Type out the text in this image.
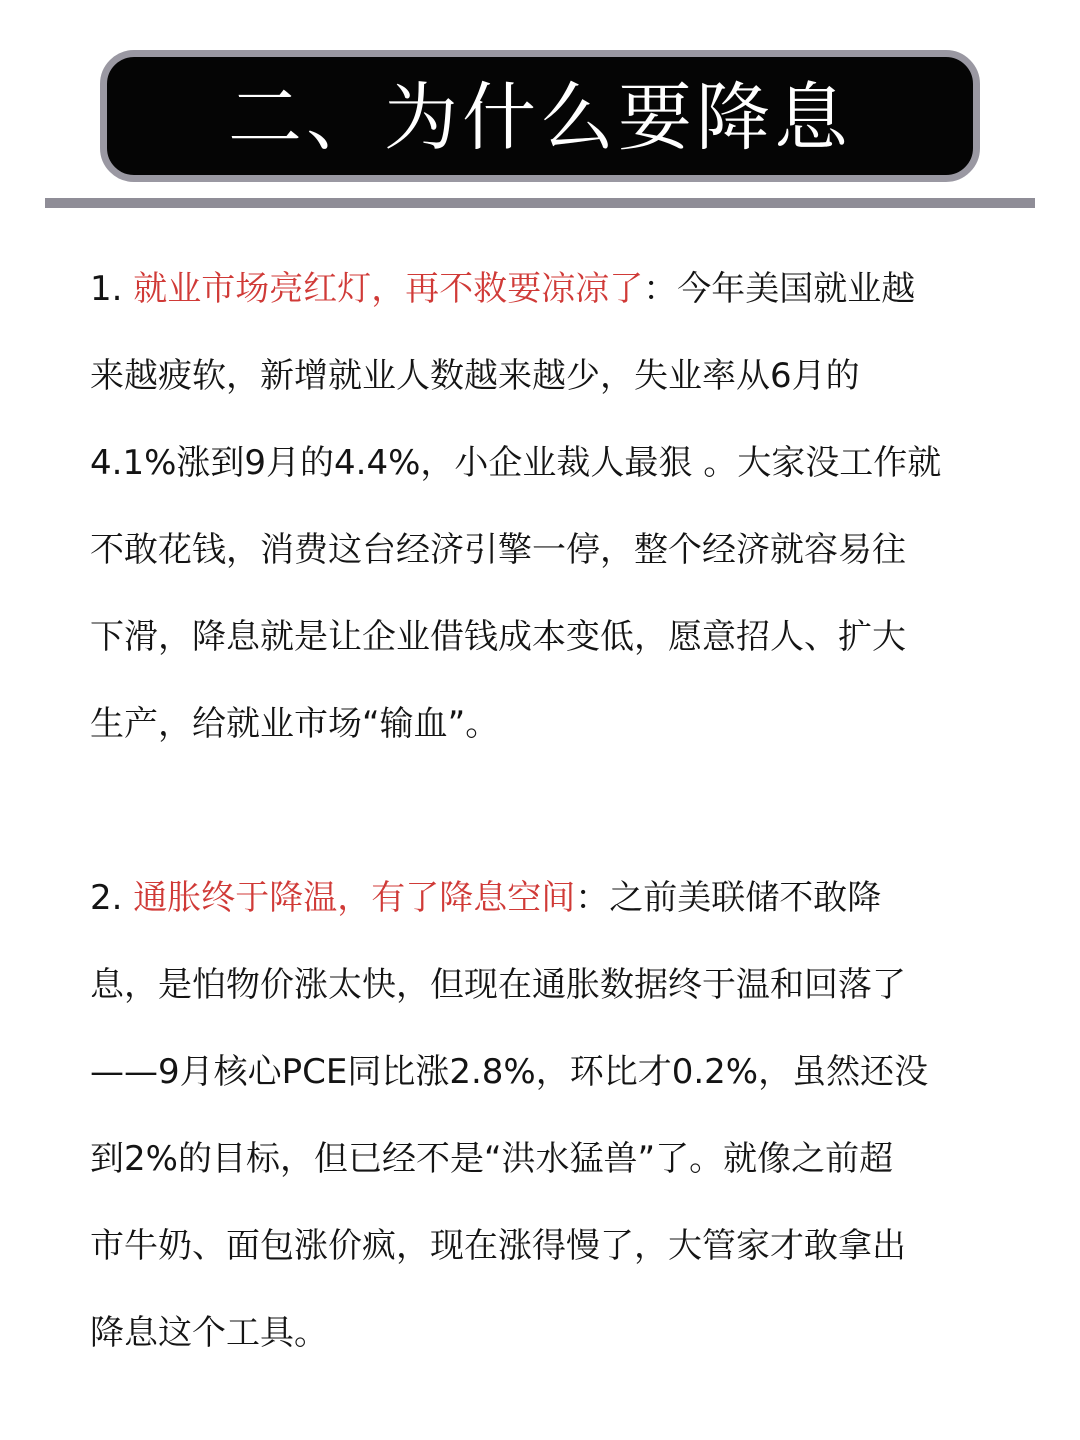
二、为什么要降息

1. 就业市场亮红灯，再不救要凉凉了：今年美国就业越
来越疲软，新增就业人数越来越少，失业率从6月的
4.1%涨到9月的4.4%，小企业裁人最狠 。大家没工作就
不敢花钱，消费这台经济引擎一停，整个经济就容易往
下滑，降息就是让企业借钱成本变低，愿意招人、扩大
生产，给就业市场“输血”。

2. 通胀终于降温，有了降息空间：之前美联储不敢降
息，是怕物价涨太快，但现在通胀数据终于温和回落了
——9月核心PCE同比涨2.8%，环比才0.2%，虽然还没
到2%的目标，但已经不是“洪水猛兽”了。就像之前超
市牛奶、面包涨价疯，现在涨得慢了，大管家才敢拿出
降息这个工具。
